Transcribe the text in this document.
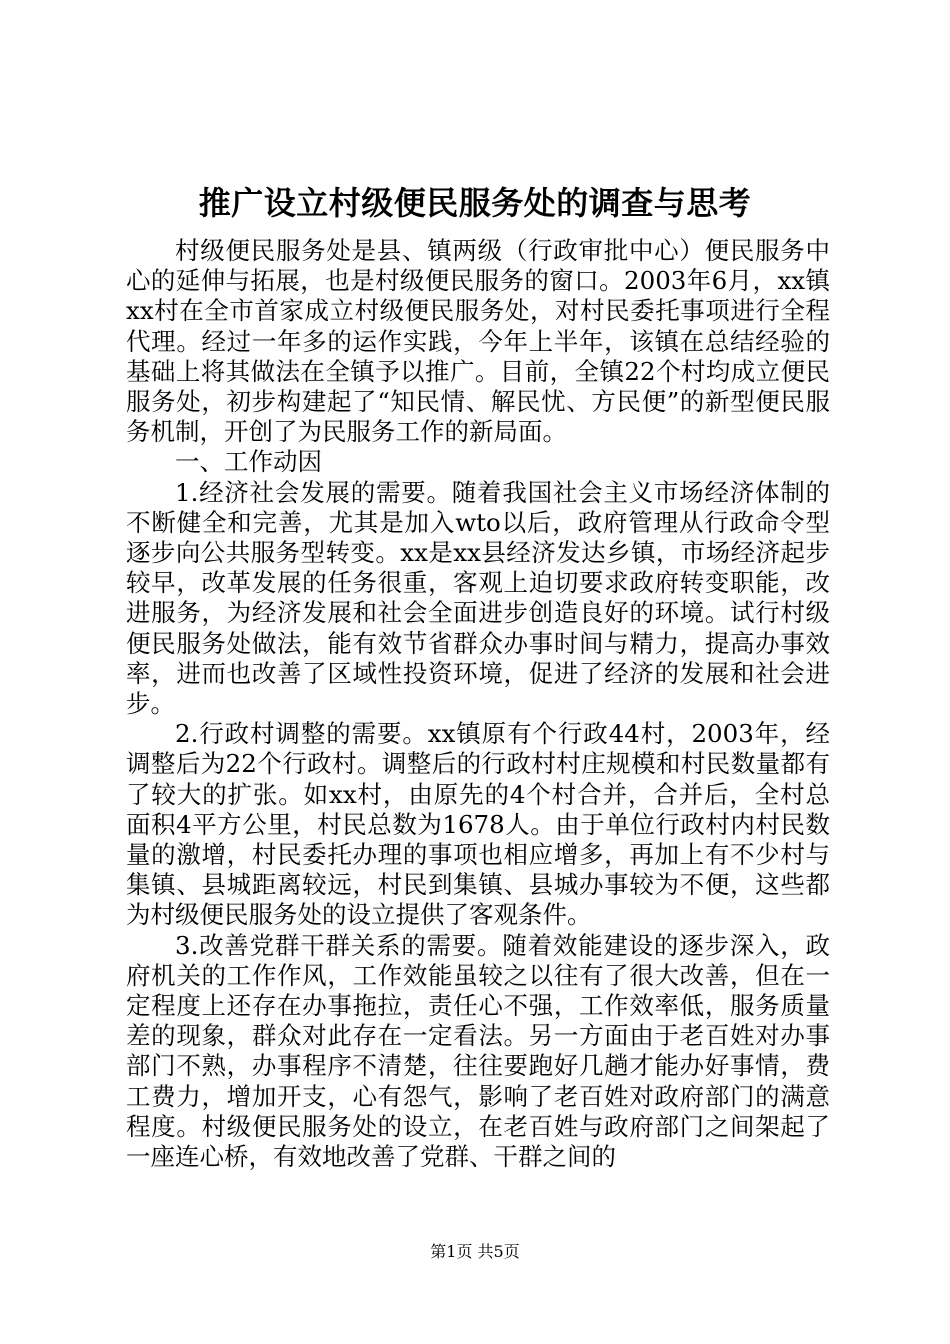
推广设立村级便民服务处的调查与思考

村级便民服务处是县、镇两级（行政审批中心）便民服务中心的延伸与拓展，也是村级便民服务的窗口。2003年6月，xx镇xx村在全市首家成立村级便民服务处，对村民委托事项进行全程代理。经过一年多的运作实践，今年上半年，该镇在总结经验的基础上将其做法在全镇予以推广。目前，全镇22个村均成立便民服务处，初步构建起了“知民情、解民忧、方民便”的新型便民服务机制，开创了为民服务工作的新局面。

一、工作动因

1.经济社会发展的需要。随着我国社会主义市场经济体制的不断健全和完善，尤其是加入wto以后，政府管理从行政命令型逐步向公共服务型转变。xx是xx县经济发达乡镇，市场经济起步较早，改革发展的任务很重，客观上迫切要求政府转变职能，改进服务，为经济发展和社会全面进步创造良好的环境。试行村级便民服务处做法，能有效节省群众办事时间与精力，提高办事效率，进而也改善了区域性投资环境，促进了经济的发展和社会进步。

2.行政村调整的需要。xx镇原有个行政44村，2003年，经调整后为22个行政村。调整后的行政村村庄规模和村民数量都有了较大的扩张。如xx村，由原先的4个村合并，合并后，全村总面积4平方公里，村民总数为1678人。由于单位行政村内村民数量的激增，村民委托办理的事项也相应增多，再加上有不少村与集镇、县城距离较远，村民到集镇、县城办事较为不便，这些都为村级便民服务处的设立提供了客观条件。

3.改善党群干群关系的需要。随着效能建设的逐步深入，政府机关的工作作风，工作效能虽较之以往有了很大改善，但在一定程度上还存在办事拖拉，责任心不强，工作效率低，服务质量差的现象，群众对此存在一定看法。另一方面由于老百姓对办事部门不熟，办事程序不清楚，往往要跑好几趟才能办好事情，费工费力，增加开支，心有怨气，影响了老百姓对政府部门的满意程度。村级便民服务处的设立，在老百姓与政府部门之间架起了一座连心桥，有效地改善了党群、干群之间的

第1页 共5页
